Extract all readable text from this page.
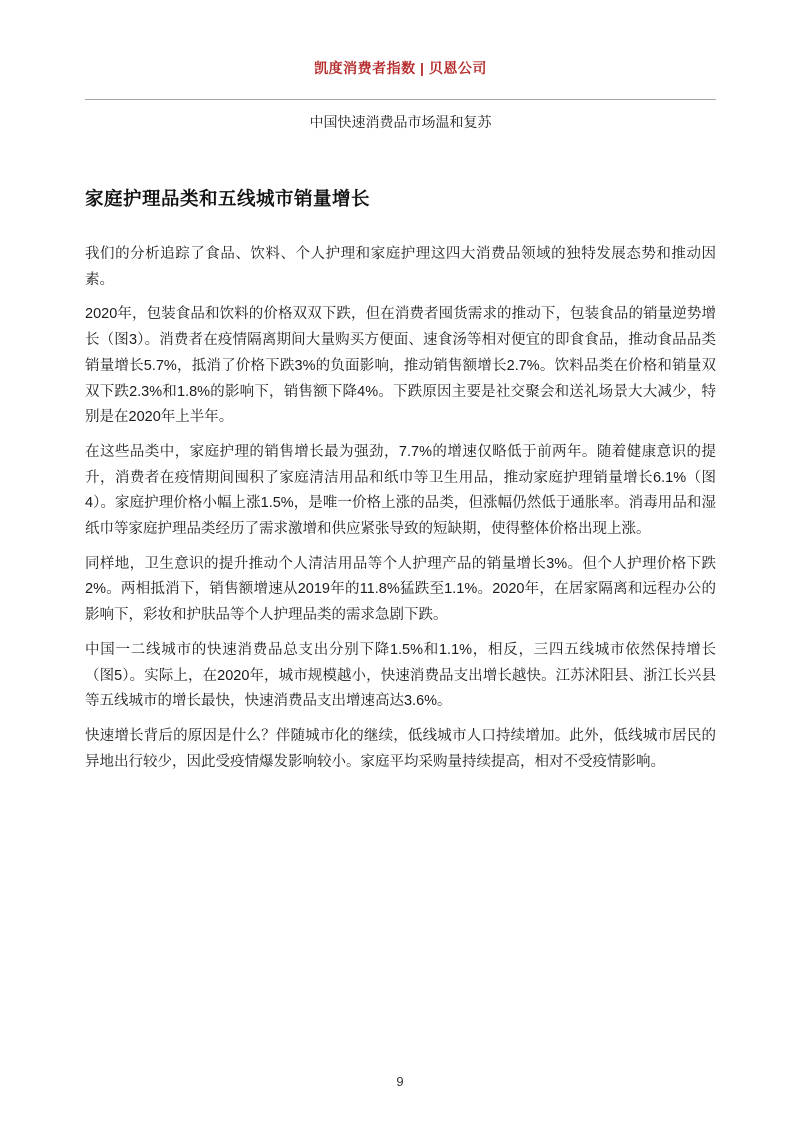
凯度消费者指数 | 贝恩公司
中国快速消费品市场温和复苏
家庭护理品类和五线城市销量增长

我们的分析追踪了食品、饮料、个人护理和家庭护理这四大消费品领域的独特发展态势和推动因素。

2020年，包装食品和饮料的价格双双下跌，但在消费者囤货需求的推动下，包装食品的销量逆势增长（图3）。消费者在疫情隔离期间大量购买方便面、速食汤等相对便宜的即食食品，推动食品品类销量增长5.7%，抵消了价格下跌3%的负面影响，推动销售额增长2.7%。饮料品类在价格和销量双双下跌2.3%和1.8%的影响下，销售额下降4%。下跌原因主要是社交聚会和送礼场景大大减少，特别是在2020年上半年。

在这些品类中，家庭护理的销售增长最为强劲，7.7%的增速仅略低于前两年。随着健康意识的提升，消费者在疫情期间囤积了家庭清洁用品和纸巾等卫生用品，推动家庭护理销量增长6.1%（图4）。家庭护理价格小幅上涨1.5%，是唯一价格上涨的品类，但涨幅仍然低于通胀率。消毒用品和湿纸巾等家庭护理品类经历了需求激增和供应紧张导致的短缺期，使得整体价格出现上涨。

同样地，卫生意识的提升推动个人清洁用品等个人护理产品的销量增长3%。但个人护理价格下跌2%。两相抵消下，销售额增速从2019年的11.8%猛跌至1.1%。2020年，在居家隔离和远程办公的影响下，彩妆和护肤品等个人护理品类的需求急剧下跌。

中国一二线城市的快速消费品总支出分别下降1.5%和1.1%，相反，三四五线城市依然保持增长（图5）。实际上，在2020年，城市规模越小，快速消费品支出增长越快。江苏沭阳县、浙江长兴县等五线城市的增长最快，快速消费品支出增速高达3.6%。

快速增长背后的原因是什么？伴随城市化的继续，低线城市人口持续增加。此外，低线城市居民的异地出行较少，因此受疫情爆发影响较小。家庭平均采购量持续提高，相对不受疫情影响。

9
